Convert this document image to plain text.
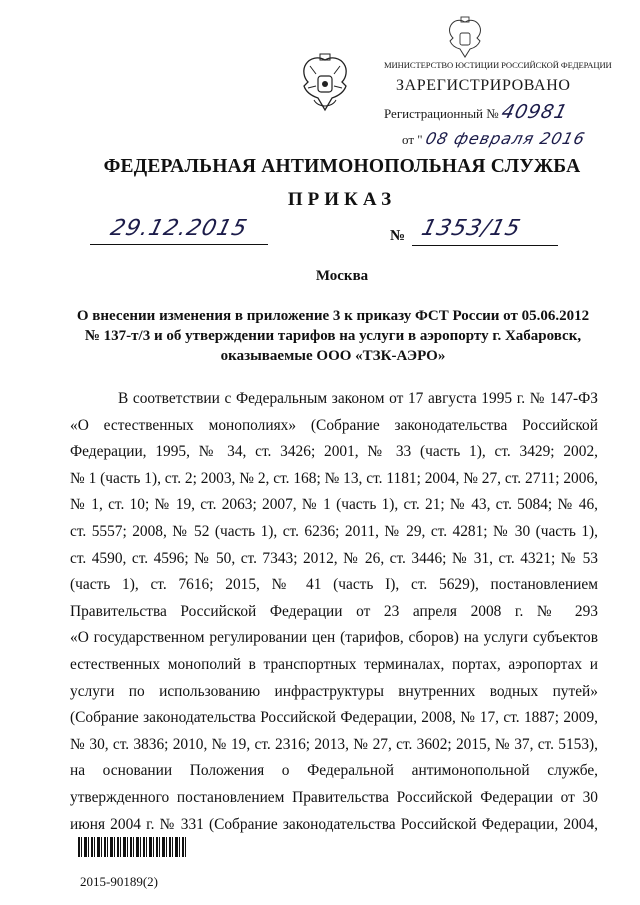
МИНИСТЕРСТВО ЮСТИЦИИ РОССИЙСКОЙ ФЕДЕРАЦИИ
ЗАРЕГИСТРИРОВАНО
Регистрационный № 40981
от " 08 февраля 2016
ФЕДЕРАЛЬНАЯ АНТИМОНОПОЛЬНАЯ СЛУЖБА
ПРИКАЗ
29.12.2015	№ 1353/15
Москва
О внесении изменения в приложение 3 к приказу ФСТ России от 05.06.2012
№ 137-т/3 и об утверждении тарифов на услуги в аэропорту г. Хабаровск,
оказываемые ООО «ТЗК-АЭРО»
В соответствии с Федеральным законом от 17 августа 1995 г. № 147-ФЗ
«О естественных монополиях» (Собрание законодательства Российской
Федерации, 1995, № 34, ст. 3426; 2001, № 33 (часть 1), ст. 3429; 2002,
№ 1 (часть 1), ст. 2; 2003, № 2, ст. 168; № 13, ст. 1181; 2004, № 27, ст. 2711; 2006,
№ 1, ст. 10; № 19, ст. 2063; 2007, № 1 (часть 1), ст. 21; № 43, ст. 5084; № 46,
ст. 5557; 2008, № 52 (часть 1), ст. 6236; 2011, № 29, ст. 4281; № 30 (часть 1),
ст. 4590, ст. 4596; № 50, ст. 7343; 2012, № 26, ст. 3446; № 31, ст. 4321; № 53
(часть 1), ст. 7616; 2015, № 41 (часть I), ст. 5629), постановлением
Правительства Российской Федерации от 23 апреля 2008 г. № 293
«О государственном регулировании цен (тарифов, сборов) на услуги субъектов
естественных монополий в транспортных терминалах, портах, аэропортах и
услуги по использованию инфраструктуры внутренних водных путей»
(Собрание законодательства Российской Федерации, 2008, № 17, ст. 1887; 2009,
№ 30, ст. 3836; 2010, № 19, ст. 2316; 2013, № 27, ст. 3602; 2015, № 37, ст. 5153),
на основании Положения о Федеральной антимонопольной службе,
утвержденного постановлением Правительства Российской Федерации от 30
июня 2004 г. № 331 (Собрание законодательства Российской Федерации, 2004,
2015-90189(2)
